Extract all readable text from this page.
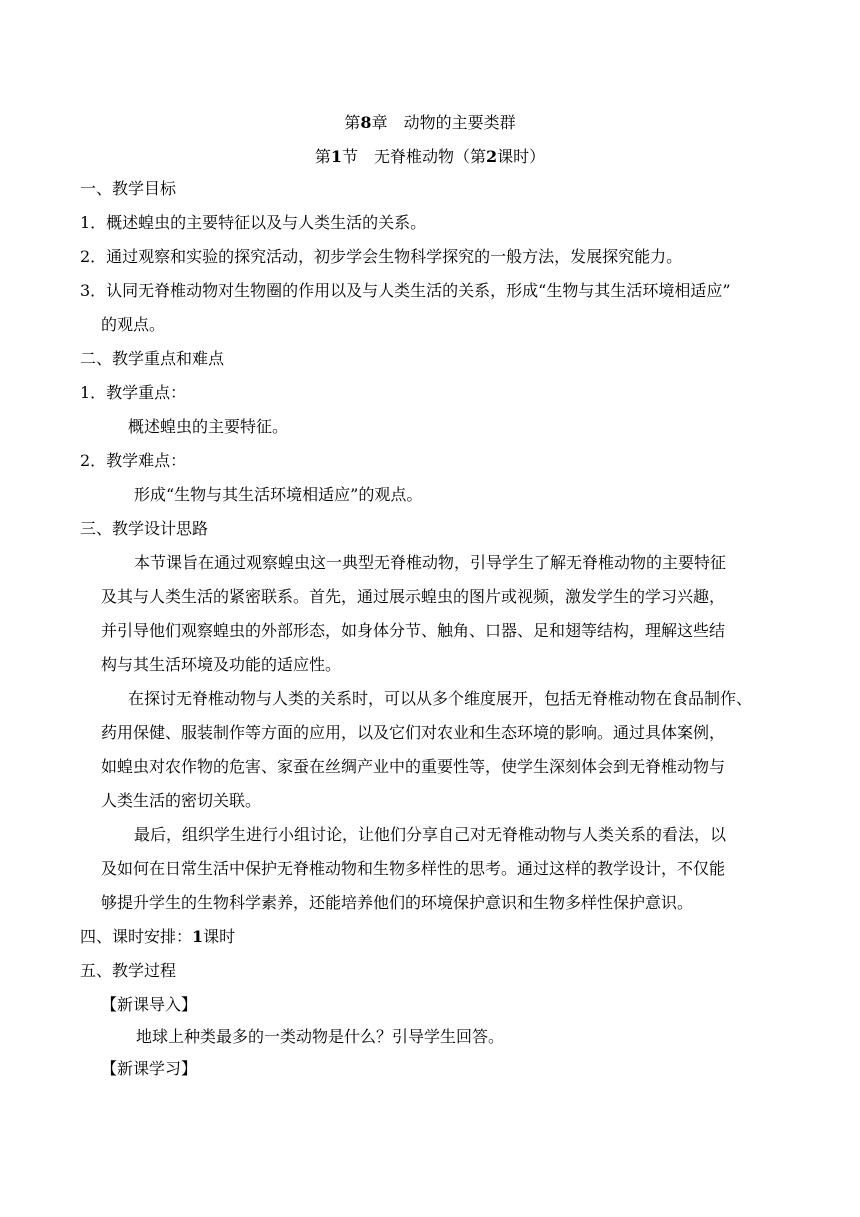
第8章　动物的主要类群
第1节　无脊椎动物（第2课时）
一、教学目标
1．概述蝗虫的主要特征以及与人类生活的关系。
2．通过观察和实验的探究活动，初步学会生物科学探究的一般方法，发展探究能力。
3．认同无脊椎动物对生物圈的作用以及与人类生活的关系，形成“生物与其生活环境相适应”
的观点。
二、教学重点和难点
1．教学重点：
概述蝗虫的主要特征。
2．教学难点：
形成“生物与其生活环境相适应”的观点。
三、教学设计思路
本节课旨在通过观察蝗虫这一典型无脊椎动物，引导学生了解无脊椎动物的主要特征
及其与人类生活的紧密联系。首先，通过展示蝗虫的图片或视频，激发学生的学习兴趣，
并引导他们观察蝗虫的外部形态，如身体分节、触角、口器、足和翅等结构，理解这些结
构与其生活环境及功能的适应性。
在探讨无脊椎动物与人类的关系时，可以从多个维度展开，包括无脊椎动物在食品制作、
药用保健、服装制作等方面的应用，以及它们对农业和生态环境的影响。通过具体案例，
如蝗虫对农作物的危害、家蚕在丝绸产业中的重要性等，使学生深刻体会到无脊椎动物与
人类生活的密切关联。
最后，组织学生进行小组讨论，让他们分享自己对无脊椎动物与人类关系的看法，以
及如何在日常生活中保护无脊椎动物和生物多样性的思考。通过这样的教学设计，不仅能
够提升学生的生物科学素养，还能培养他们的环境保护意识和生物多样性保护意识。
四、课时安排：1课时
五、教学过程
【新课导入】
地球上种类最多的一类动物是什么？引导学生回答。
【新课学习】
